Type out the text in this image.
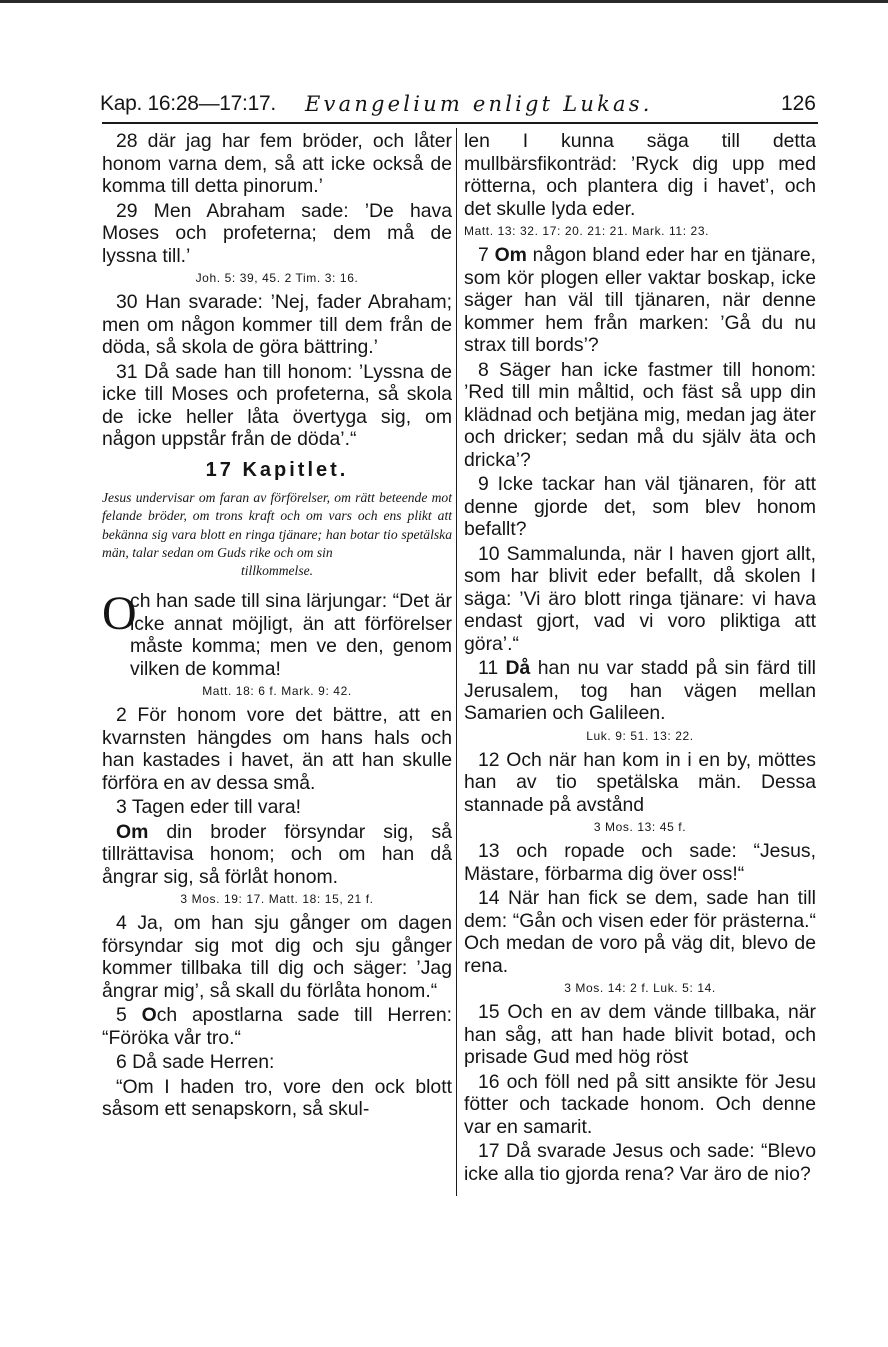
Kap. 16:28—17:17. Evangelium enligt Lukas.	126

28 där jag har fem bröder, och låter honom varna dem, så att icke också de komma till detta pinorum.’

29 Men Abraham sade: ’De hava Moses och profeterna; dem må de lyssna till.’

Joh. 5: 39, 45. 2 Tim. 3: 16.

30 Han svarade: ’Nej, fader Abraham; men om någon kommer till dem från de döda, så skola de göra bättring.’

31 Då sade han till honom: ’Lyssna de icke till Moses och profeterna, så skola de icke heller låta övertyga sig, om någon uppstår från de döda’.“

17 Kapitlet.

Jesus undervisar om faran av förförelser, om rätt beteende mot felande bröder, om trons kraft och om vars och ens plikt att bekänna sig vara blott en ringa tjänare; han botar tio spetälska män, talar sedan om Guds rike och om sin
tillkommelse.

O

ch han sade till sina lärjungar: “Det är icke annat möjligt, än att förförelser måste komma; men ve den, genom vilken de komma!

Matt. 18: 6 f. Mark. 9: 42.

2 För honom vore det bättre, att en kvarnsten hängdes om hans hals och han kastades i havet, än att han skulle förföra en av dessa små.

3 Tagen eder till vara!

Om din broder försyndar sig, så tillrättavisa honom; och om han då ångrar sig, så förlåt honom.

3 Mos. 19: 17. Matt. 18: 15, 21 f.

4 Ja, om han sju gånger om dagen försyndar sig mot dig och sju gånger kommer tillbaka till dig och säger: ’Jag ångrar mig’, så skall du förlåta honom.“

5 Och apostlarna sade till Herren: “Föröka vår tro.“

6 Då sade Herren:

“Om I haden tro, vore den ock blott såsom ett senapskorn, så skul-

len I kunna säga till detta mullbärsfikonträd: ’Ryck dig upp med rötterna, och plantera dig i havet’, och det skulle lyda eder.

Matt. 13: 32. 17: 20. 21: 21. Mark. 11: 23.

7 Om någon bland eder har en tjänare, som kör plogen eller vaktar boskap, icke säger han väl till tjänaren, när denne kommer hem från marken: ’Gå du nu strax till bords’?

8 Säger han icke fastmer till honom: ’Red till min måltid, och fäst så upp din klädnad och betjäna mig, medan jag äter och dricker; sedan må du själv äta och dricka’?

9 Icke tackar han väl tjänaren, för att denne gjorde det, som blev honom befallt?

10 Sammalunda, när I haven gjort allt, som har blivit eder befallt, då skolen I säga: ’Vi äro blott ringa tjänare: vi hava endast gjort, vad vi voro pliktiga att göra’.“

11 Då han nu var stadd på sin färd till Jerusalem, tog han vägen mellan Samarien och Galileen.

Luk. 9: 51. 13: 22.

12 Och när han kom in i en by, möttes han av tio spetälska män. Dessa stannade på avstånd

3 Mos. 13: 45 f.

13 och ropade och sade: “Jesus, Mästare, förbarma dig över oss!“

14 När han fick se dem, sade han till dem: “Gån och visen eder för prästerna.“ Och medan de voro på väg dit, blevo de rena.

3 Mos. 14: 2 f. Luk. 5: 14.

15 Och en av dem vände tillbaka, när han såg, att han hade blivit botad, och prisade Gud med hög röst

16 och föll ned på sitt ansikte för Jesu fötter och tackade honom. Och denne var en samarit.

17 Då svarade Jesus och sade: “Blevo icke alla tio gjorda rena? Var äro de nio?
